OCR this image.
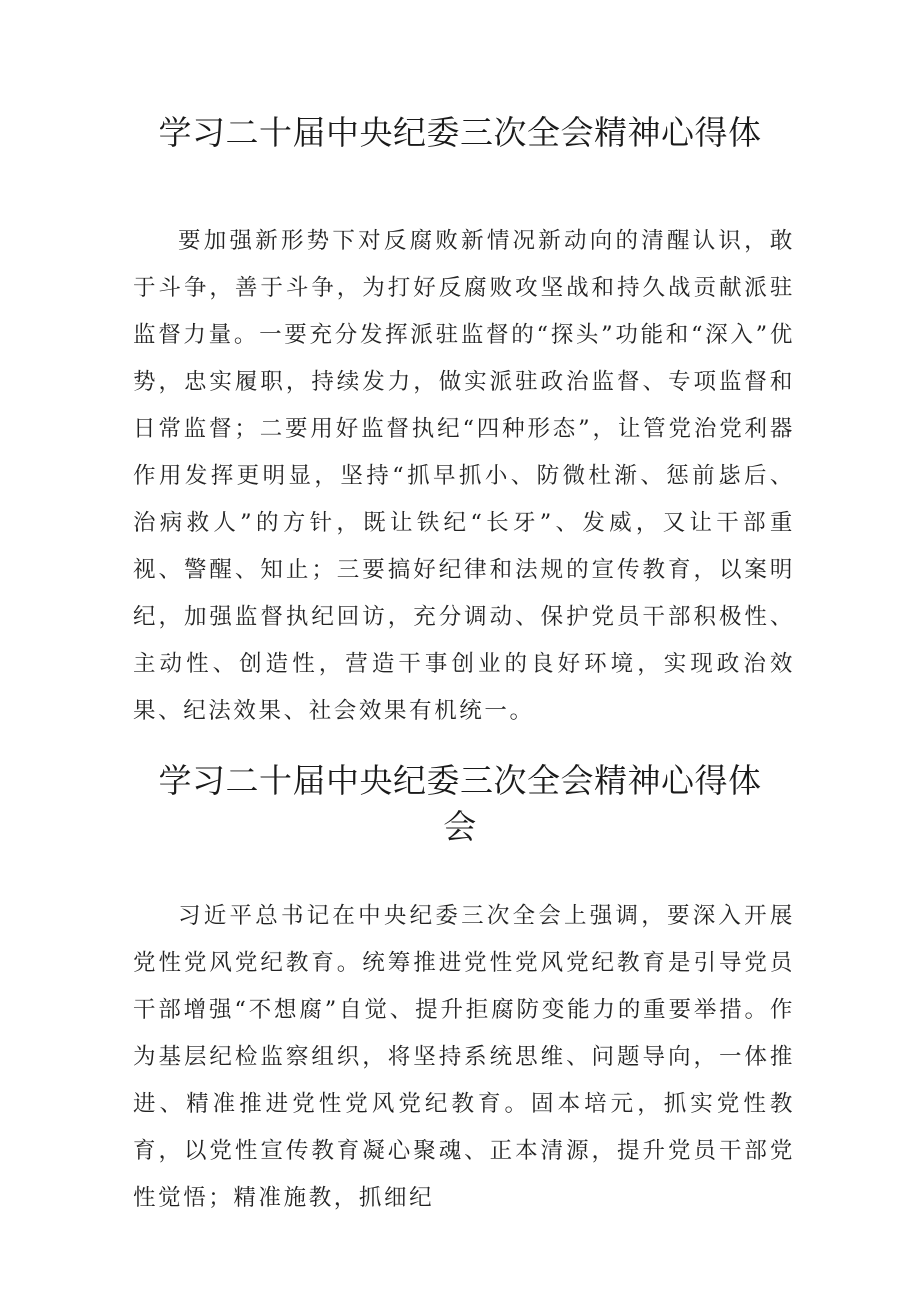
学习二十届中央纪委三次全会精神心得体

要加强新形势下对反腐败新情况新动向的清醒认识，敢于斗争，善于斗争，为打好反腐败攻坚战和持久战贡献派驻监督力量。一要充分发挥派驻监督的“探头”功能和“深入”优势，忠实履职，持续发力，做实派驻政治监督、专项监督和日常监督；二要用好监督执纪“四种形态”，让管党治党利器作用发挥更明显，坚持“抓早抓小、防微杜渐、惩前毖后、治病救人”的方针，既让铁纪“长牙”、发威，又让干部重视、警醒、知止；三要搞好纪律和法规的宣传教育，以案明纪，加强监督执纪回访，充分调动、保护党员干部积极性、主动性、创造性，营造干事创业的良好环境，实现政治效果、纪法效果、社会效果有机统一。

学习二十届中央纪委三次全会精神心得体
会

习近平总书记在中央纪委三次全会上强调，要深入开展党性党风党纪教育。统筹推进党性党风党纪教育是引导党员干部增强“不想腐”自觉、提升拒腐防变能力的重要举措。作为基层纪检监察组织，将坚持系统思维、问题导向，一体推进、精准推进党性党风党纪教育。固本培元，抓实党性教育，以党性宣传教育凝心聚魂、正本清源，提升党员干部党性觉悟；精准施教，抓细纪
